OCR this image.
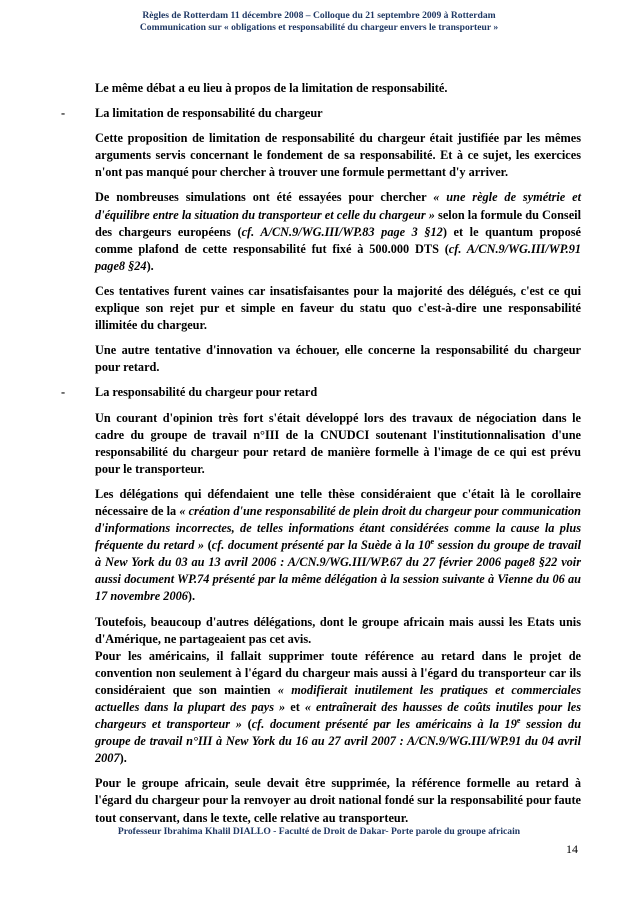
Règles de Rotterdam 11 décembre 2008 – Colloque du 21 septembre 2009 à Rotterdam
Communication sur « obligations et responsabilité du chargeur envers le transporteur »

Le même débat a eu lieu à propos de la limitation de responsabilité.

- La limitation de responsabilité du chargeur

Cette proposition de limitation de responsabilité du chargeur était justifiée par les mêmes arguments servis concernant le fondement de sa responsabilité. Et à ce sujet, les exercices n'ont pas manqué pour chercher à trouver une formule permettant d'y arriver.

De nombreuses simulations ont été essayées pour chercher « une règle de symétrie et d'équilibre entre la situation du transporteur et celle du chargeur » selon la formule du Conseil des chargeurs européens (cf. A/CN.9/WG.III/WP.83 page 3 §12) et le quantum proposé comme plafond de cette responsabilité fut fixé à 500.000 DTS (cf. A/CN.9/WG.III/WP.91 page8 §24).

Ces tentatives furent vaines car insatisfaisantes pour la majorité des délégués, c'est ce qui explique son rejet pur et simple en faveur du statu quo c'est-à-dire une responsabilité illimitée du chargeur.

Une autre tentative d'innovation va échouer, elle concerne la responsabilité du chargeur pour retard.

- La responsabilité du chargeur pour retard

Un courant d'opinion très fort s'était développé lors des travaux de négociation dans le cadre du groupe de travail n°III de la CNUDCI soutenant l'institutionnalisation d'une responsabilité du chargeur pour retard de manière formelle à l'image de ce qui est prévu pour le transporteur.

Les délégations qui défendaient une telle thèse considéraient que c'était là le corollaire nécessaire de la « création d'une responsabilité de plein droit du chargeur pour communication d'informations incorrectes, de telles informations étant considérées comme la cause la plus fréquente du retard » (cf. document présenté par la Suède à la 10e session du groupe de travail à New York du 03 au 13 avril 2006 : A/CN.9/WG.III/WP.67 du 27 février 2006 page8 §22 voir aussi document WP.74 présenté par la même délégation à la session suivante à Vienne du 06 au 17 novembre 2006).

Toutefois, beaucoup d'autres délégations, dont le groupe africain mais aussi les Etats unis d'Amérique, ne partageaient pas cet avis.
Pour les américains, il fallait supprimer toute référence au retard dans le projet de convention non seulement à l'égard du chargeur mais aussi à l'égard du transporteur car ils considéraient que son maintien « modifierait inutilement les pratiques et commerciales actuelles dans la plupart des pays » et « entraînerait des hausses de coûts inutiles pour les chargeurs et transporteur » (cf. document présenté par les américains à la 19e session du groupe de travail n°III à New York du 16 au 27 avril 2007 : A/CN.9/WG.III/WP.91 du 04 avril 2007).

Pour le groupe africain, seule devait être supprimée, la référence formelle au retard à l'égard du chargeur pour la renvoyer au droit national fondé sur la responsabilité pour faute tout conservant, dans le texte, celle relative au transporteur.

Professeur Ibrahima Khalil DIALLO - Faculté de Droit de Dakar- Porte parole du groupe africain
14
